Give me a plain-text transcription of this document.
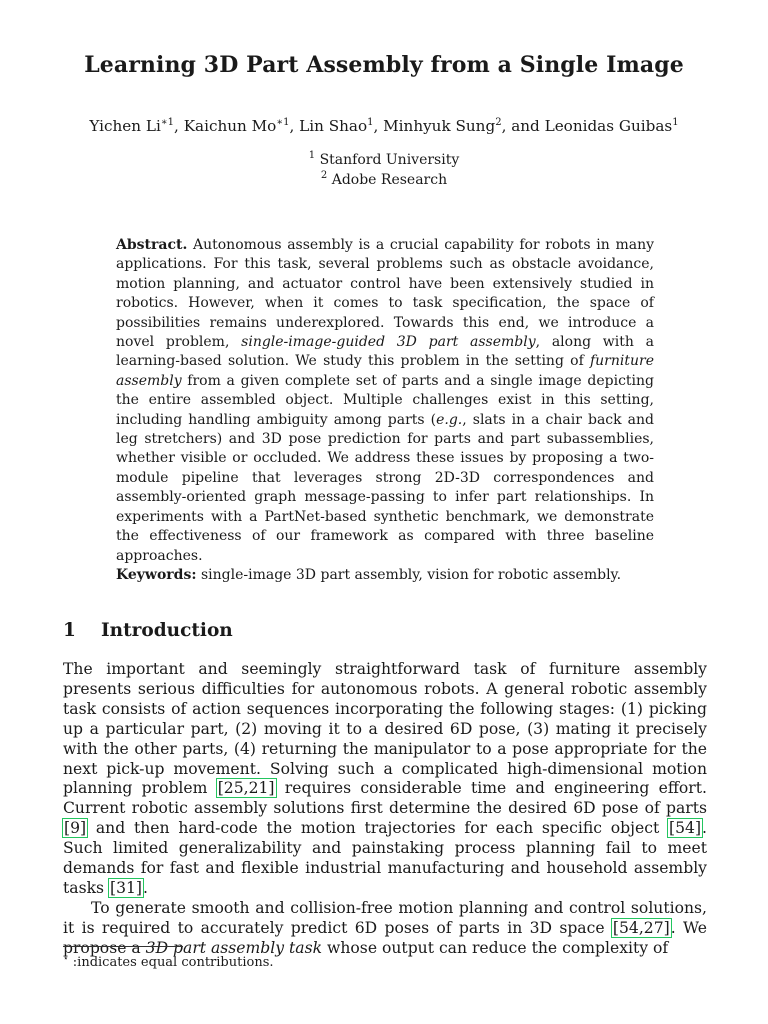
Learning 3D Part Assembly from a Single Image
Yichen $Li^{∗1}$, Kaichun $Mo^{∗1}$, Lin Shao$^1$, Minhyuk Sung$^2$, and Leonidas Guibas$^1$
$^1$ Stanford University
$^2$ Adobe Research
Abstract. Autonomous assembly is a crucial capability for robots in many applications. For this task, several problems such as obstacle avoidance, motion planning, and actuator control have been extensively studied in robotics. However, when it comes to task specification, the space of possibilities remains underexplored. Towards this end, we introduce a novel problem, single-image-guided 3D part assembly, along with a learning-based solution. We study this problem in the setting of furniture assembly from a given complete set of parts and a single image depicting the entire assembled object. Multiple challenges exist in this setting, including handling ambiguity among parts (e.g., slats in a chair back and leg stretchers) and 3D pose prediction for parts and part subassemblies, whether visible or occluded. We address these issues by proposing a two-module pipeline that leverages strong 2D-3D correspondences and assembly-oriented graph message-passing to infer part relationships. In experiments with a PartNet-based synthetic benchmark, we demonstrate the effectiveness of our framework as compared with three baseline approaches.
Keywords: single-image 3D part assembly, vision for robotic assembly.
1 Introduction

The important and seemingly straightforward task of furniture assembly presents serious difficulties for autonomous robots. A general robotic assembly task consists of action sequences incorporating the following stages: (1) picking up a particular part, (2) moving it to a desired 6D pose, (3) mating it precisely with the other parts, (4) returning the manipulator to a pose appropriate for the next pick-up movement. Solving such a complicated high-dimensional motion planning problem [25,21] requires considerable time and engineering effort. Current robotic assembly solutions first determine the desired 6D pose of parts [9] and then hard-code the motion trajectories for each specific object [54]. Such limited generalizability and painstaking process planning fail to meet demands for fast and flexible industrial manufacturing and household assembly tasks [31].

To generate smooth and collision-free motion planning and control solutions, it is required to accurately predict 6D poses of parts in 3D space [54,27]. We propose a 3D part assembly task whose output can reduce the complexity of

⋆ :indicates equal contributions.
